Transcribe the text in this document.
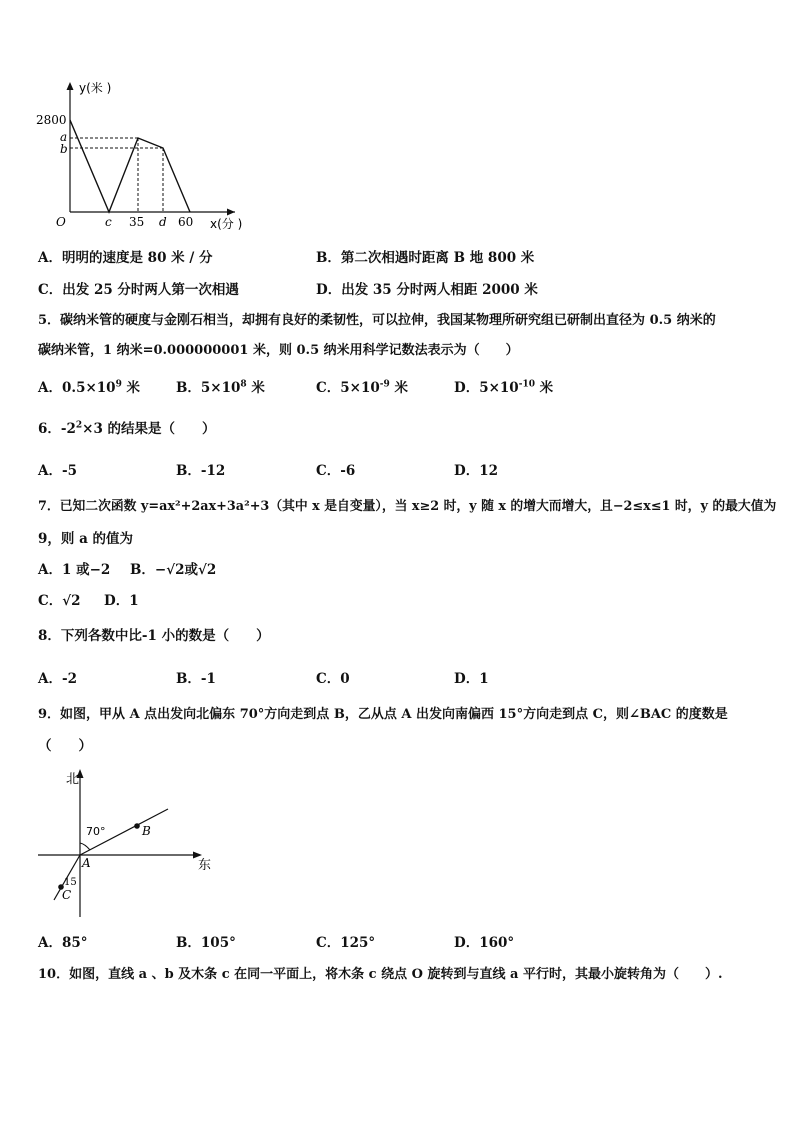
y(米 )
x(分 )
2800
a
b
O	c 35 d 60
A．明明的速度是 80 米 / 分	B．第二次相遇时距离 B 地 800 米
C．出发 25 分时两人第一次相遇	D．出发 35 分时两人相距 2000 米
5．碳纳米管的硬度与金刚石相当，却拥有良好的柔韧性，可以拉伸，我国某物理所研究组已研制出直径为 0.5 纳米的
碳纳米管，1 纳米=0.000000001 米，则 0.5 纳米用科学记数法表示为（　　）
A．$0.5\times 10^9$ 米	B．$5\times 10^8$ 米	C．$5\times 10^{-9}$ 米	D．$5\times 10^{-10}$ 米
6．$-2^2\times 3$ 的结果是（　　）
A．-5	B．-12	C．-6	D．12
7．已知二次函数 y=ax²+2ax+3a²+3（其中 x 是自变量），当 x≥2 时，y 随 x 的增大而增大，且−2≤x≤1 时，y 的最大值为
9，则 a 的值为
A．1 或−2 B．−√2或√2
C．√2 D．1
8．下列各数中比-1 小的数是（　　）
A．-2	B．-1	C．0	D．1
9．如图，甲从 A 点出发向北偏东 70°方向走到点 B，乙从点 A 出发向南偏西 15°方向走到点 C，则∠BAC 的度数是
（　　）
北
东
70°
15
A
B
C
A．85°	B．105°	C．125°	D．160°
10．如图，直线 a 、b 及木条 c 在同一平面上，将木条 c 绕点 O 旋转到与直线 a 平行时，其最小旋转角为（　　）.
